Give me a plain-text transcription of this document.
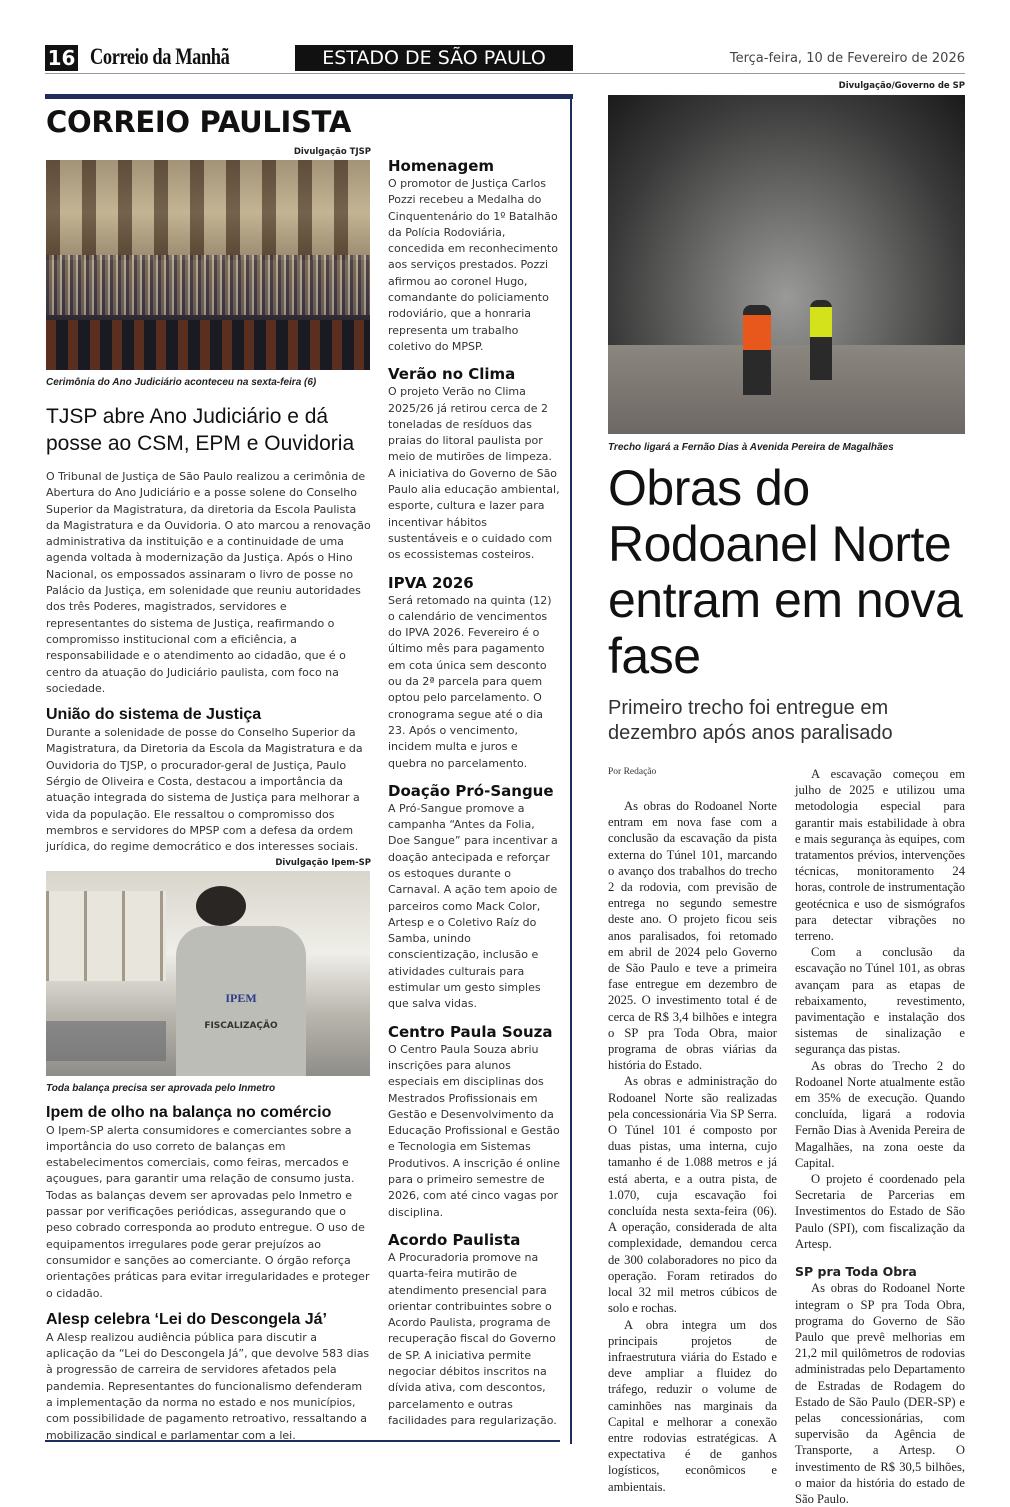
16 Correio da Manhã	ESTADO DE SÃO PAULO	Terça-feira, 10 de Fevereiro de 2026
CORREIO PAULISTA
Divulgação TJSP
Cerimônia do Ano Judiciário aconteceu na sexta-feira (6)
TJSP abre Ano Judiciário e dá posse ao CSM, EPM e Ouvidoria
O Tribunal de Justiça de São Paulo realizou a cerimônia de Abertura do Ano Judiciário e a posse solene do Conselho Superior da Magistratura, da diretoria da Escola Paulista da Magistratura e da Ouvidoria. O ato marcou a renovação administrativa da instituição e a continuidade de uma agenda voltada à modernização da Justiça. Após o Hino Nacional, os empossados assinaram o livro de posse no Palácio da Justiça, em solenidade que reuniu autoridades dos três Poderes, magistrados, servidores e representantes do sistema de Justiça, reafirmando o compromisso institucional com a eficiência, a responsabilidade e o atendimento ao cidadão, que é o centro da atuação do Judiciário paulista, com foco na sociedade.
União do sistema de Justiça
Durante a solenidade de posse do Conselho Superior da Magistratura, da Diretoria da Escola da Magistratura e da Ouvidoria do TJSP, o procurador-geral de Justiça, Paulo Sérgio de Oliveira e Costa, destacou a importância da atuação integrada do sistema de Justiça para melhorar a vida da população. Ele ressaltou o compromisso dos membros e servidores do MPSP com a defesa da ordem jurídica, do regime democrático e dos interesses sociais.
Divulgação Ipem-SP
IPEM
FISCALIZAÇÃO
Toda balança precisa ser aprovada pelo Inmetro
Ipem de olho na balança no comércio
O Ipem-SP alerta consumidores e comerciantes sobre a importância do uso correto de balanças em estabelecimentos comerciais, como feiras, mercados e açougues, para garantir uma relação de consumo justa. Todas as balanças devem ser aprovadas pelo Inmetro e passar por verificações periódicas, assegurando que o peso cobrado corresponda ao produto entregue. O uso de equipamentos irregulares pode gerar prejuízos ao consumidor e sanções ao comerciante. O órgão reforça orientações práticas para evitar irregularidades e proteger o cidadão.
Alesp celebra ‘Lei do Descongela Já’
A Alesp realizou audiência pública para discutir a aplicação da “Lei do Descongela Já”, que devolve 583 dias à progressão de carreira de servidores afetados pela pandemia. Representantes do funcionalismo defenderam a implementação da norma no estado e nos municípios, com possibilidade de pagamento retroativo, ressaltando a mobilização sindical e parlamentar com a lei.
Homenagem

O promotor de Justiça Carlos Pozzi recebeu a Medalha do Cinquentenário do 1º Batalhão da Polícia Rodoviária, concedida em reconhecimento aos serviços prestados. Pozzi afirmou ao coronel Hugo, comandante do policiamento rodoviário, que a honraria representa um trabalho coletivo do MPSP.

Verão no Clima

O projeto Verão no Clima 2025/26 já retirou cerca de 2 toneladas de resíduos das praias do litoral paulista por meio de mutirões de limpeza. A iniciativa do Governo de São Paulo alia educação ambiental, esporte, cultura e lazer para incentivar hábitos sustentáveis e o cuidado com os ecossistemas costeiros.

IPVA 2026

Será retomado na quinta (12) o calendário de vencimentos do IPVA 2026. Fevereiro é o último mês para pagamento em cota única sem desconto ou da 2ª parcela para quem optou pelo parcelamento. O cronograma segue até o dia 23. Após o vencimento, incidem multa e juros e quebra no parcelamento.

Doação Pró-Sangue

A Pró-Sangue promove a campanha “Antes da Folia, Doe Sangue” para incentivar a doação antecipada e reforçar os estoques durante o Carnaval. A ação tem apoio de parceiros como Mack Color, Artesp e o Coletivo Raíz do Samba, unindo conscientização, inclusão e atividades culturais para estimular um gesto simples que salva vidas.

Centro Paula Souza

O Centro Paula Souza abriu inscrições para alunos especiais em disciplinas dos Mestrados Profissionais em Gestão e Desenvolvimento da Educação Profissional e Gestão e Tecnologia em Sistemas Produtivos. A inscrição é online para o primeiro semestre de 2026, com até cinco vagas por disciplina.

Acordo Paulista

A Procuradoria promove na quarta-feira mutirão de atendimento presencial para orientar contribuintes sobre o Acordo Paulista, programa de recuperação fiscal do Governo de SP. A iniciativa permite negociar débitos inscritos na dívida ativa, com descontos, parcelamento e outras facilidades para regularização.

Divulgação/Governo de SP
Trecho ligará a Fernão Dias à Avenida Pereira de Magalhães
Obras do Rodoanel Norte entram em nova fase
Primeiro trecho foi entregue em dezembro após anos paralisado
Por Redação

As obras do Rodoanel Norte entram em nova fase com a conclusão da escavação da pista externa do Túnel 101, marcando o avanço dos trabalhos do trecho 2 da rodovia, com previsão de entrega no segundo semestre deste ano. O projeto ficou seis anos paralisados, foi retomado em abril de 2024 pelo Governo de São Paulo e teve a primeira fase entregue em dezembro de 2025. O investimento total é de cerca de R$ 3,4 bilhões e integra o SP pra Toda Obra, maior programa de obras viárias da história do Estado.

As obras e administração do Rodoanel Norte são realizadas pela concessionária Via SP Serra. O Túnel 101 é composto por duas pistas, uma interna, cujo tamanho é de 1.088 metros e já está aberta, e a outra pista, de 1.070, cuja escavação foi concluída nesta sexta-feira (06). A operação, considerada de alta complexidade, demandou cerca de 300 colaboradores no pico da operação. Foram retirados do local 32 mil metros cúbicos de solo e rochas.

A obra integra um dos principais projetos de infraestrutura viária do Estado e deve ampliar a fluidez do tráfego, reduzir o volume de caminhões nas marginais da Capital e melhorar a conexão entre rodovias estratégicas. A expectativa é de ganhos logísticos, econômicos e ambientais.

A escavação começou em julho de 2025 e utilizou uma metodologia especial para garantir mais estabilidade à obra e mais segurança às equipes, com tratamentos prévios, intervenções técnicas, monitoramento 24 horas, controle de instrumentação geotécnica e uso de sismógrafos para detectar vibrações no terreno.

Com a conclusão da escavação no Túnel 101, as obras avançam para as etapas de rebaixamento, revestimento, pavimentação e instalação dos sistemas de sinalização e segurança das pistas.

As obras do Trecho 2 do Rodoanel Norte atualmente estão em 35% de execução. Quando concluída, ligará a rodovia Fernão Dias à Avenida Pereira de Magalhães, na zona oeste da Capital.

O projeto é coordenado pela Secretaria de Parcerias em Investimentos do Estado de São Paulo (SPI), com fiscalização da Artesp.

SP pra Toda Obra

As obras do Rodoanel Norte integram o SP pra Toda Obra, programa do Governo de São Paulo que prevê melhorias em 21,2 mil quilômetros de rodovias administradas pelo Departamento de Estradas de Rodagem do Estado de São Paulo (DER-SP) e pelas concessionárias, com supervisão da Agência de Transporte, a Artesp. O investimento de R$ 30,5 bilhões, o maior da história do estado de São Paulo.
